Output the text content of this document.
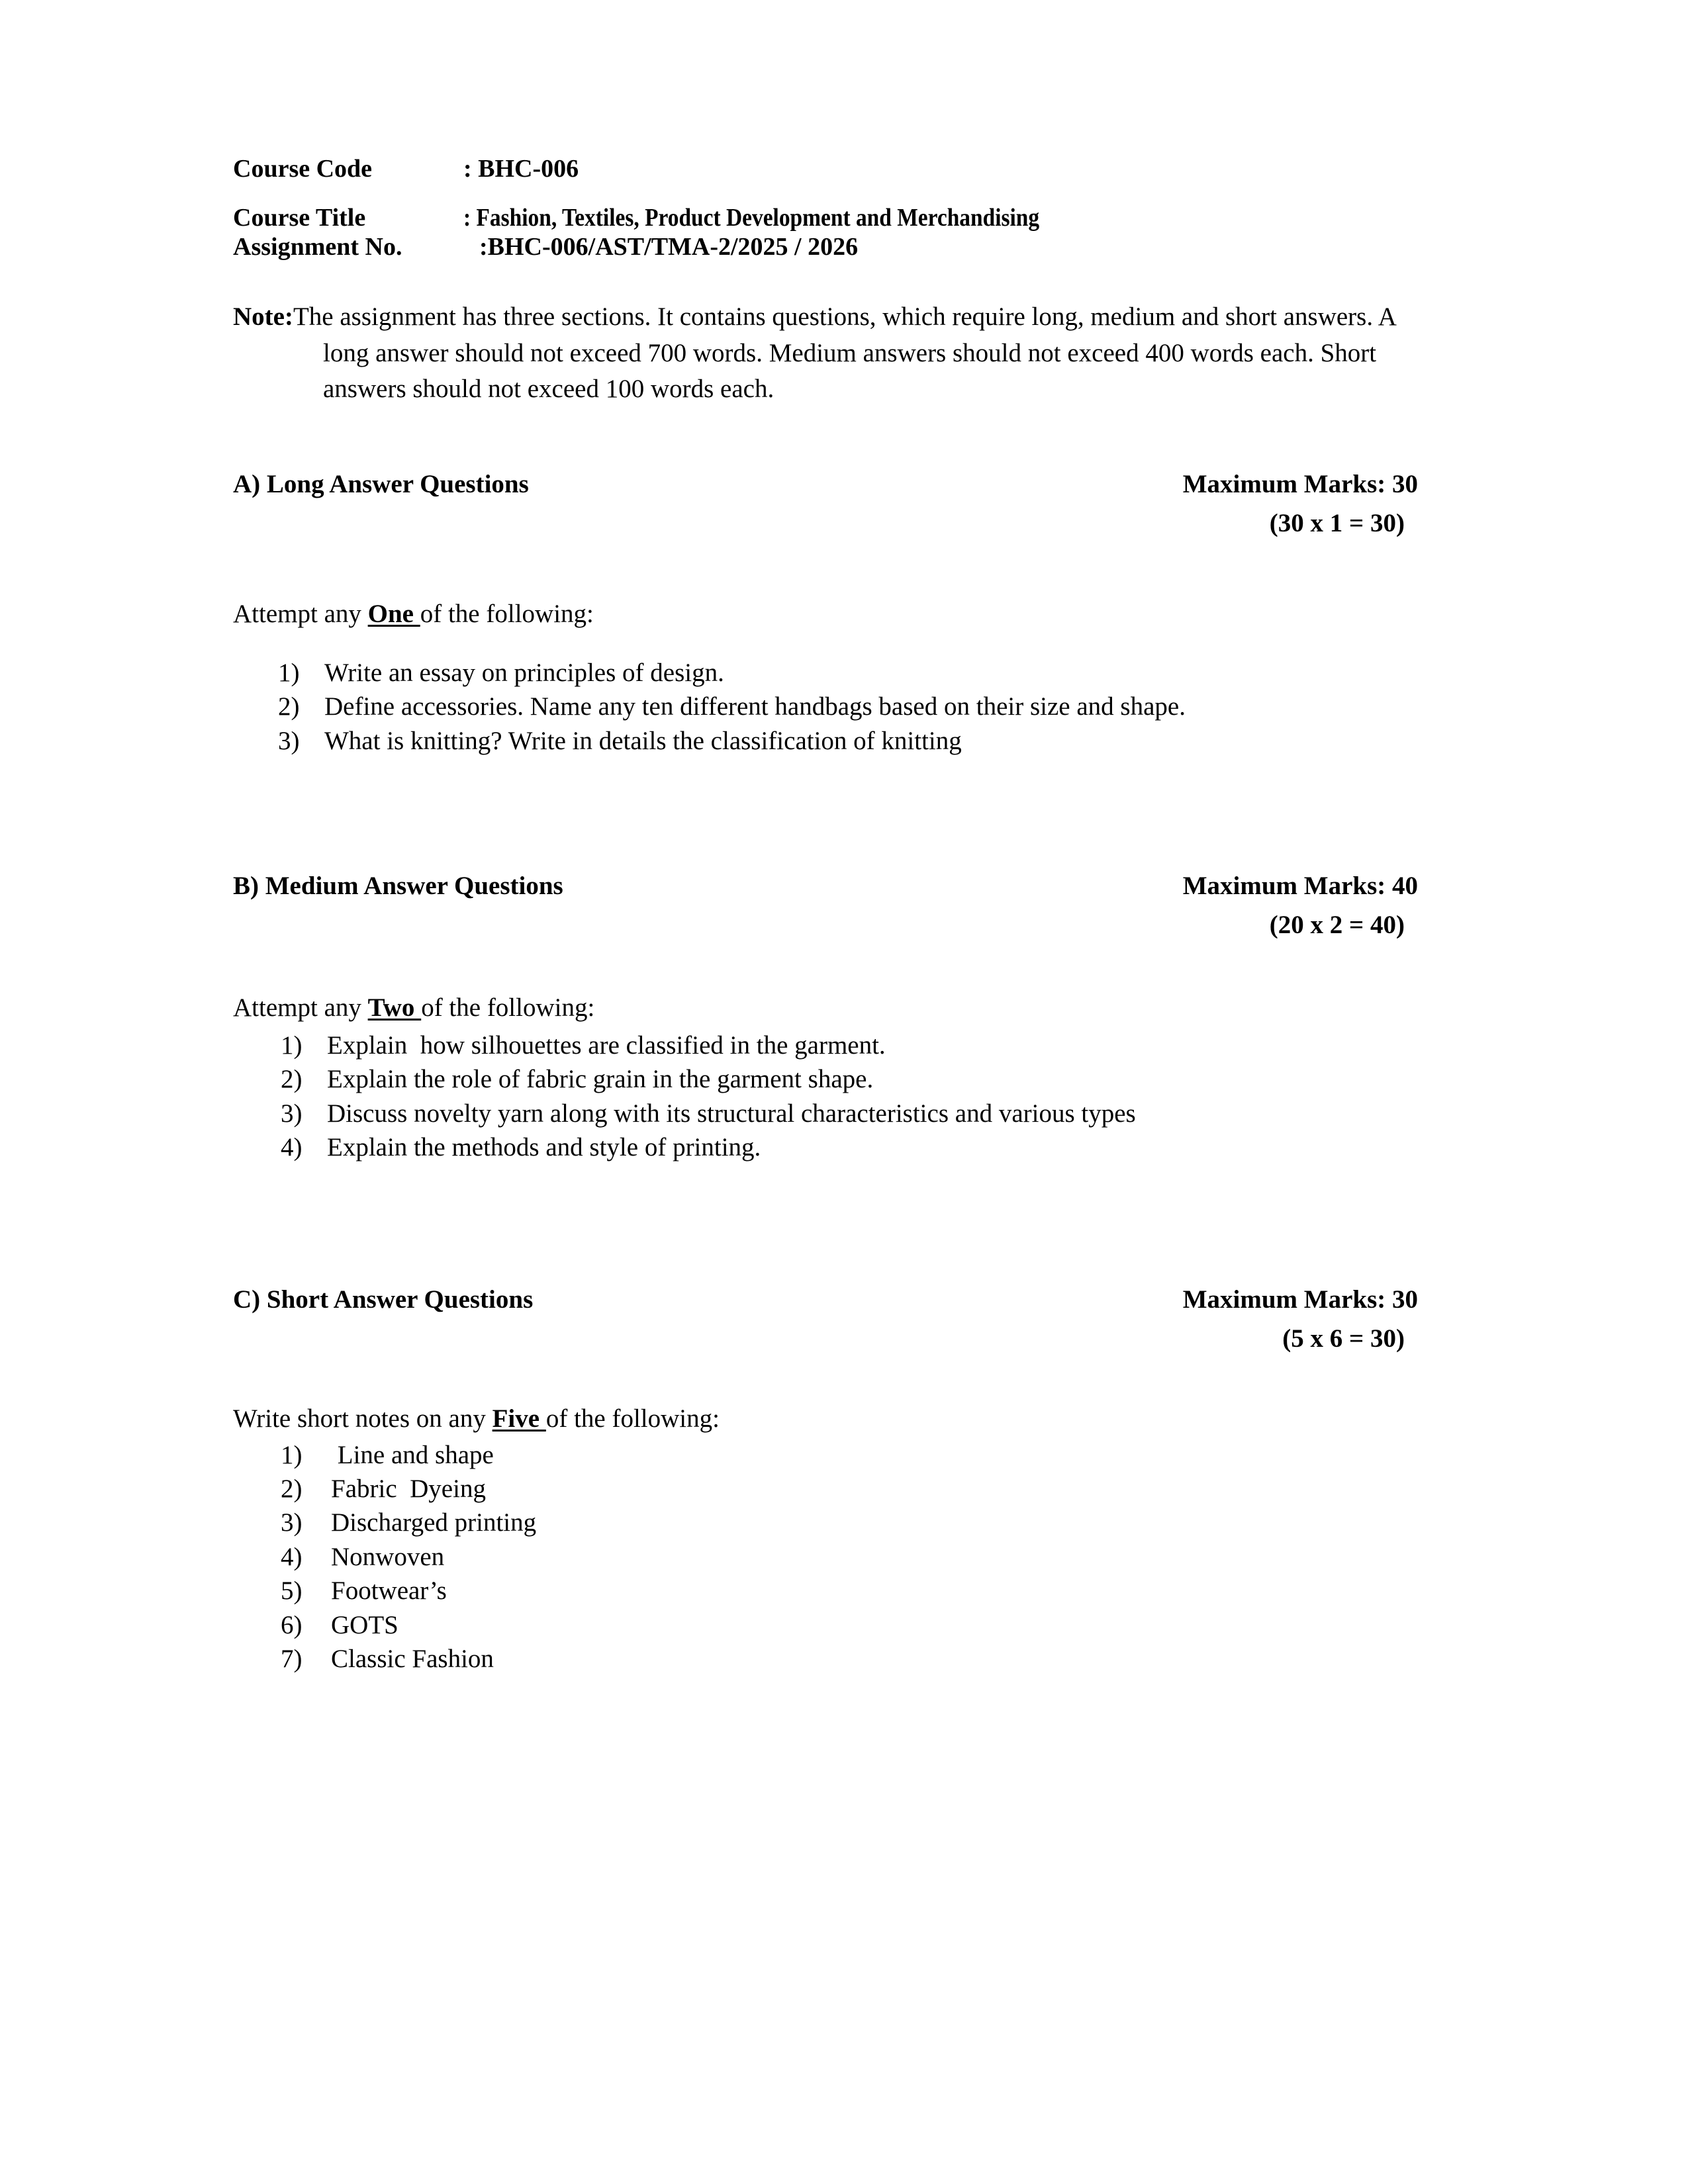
Course Code	: BHC-006
Course Title	: Fashion, Textiles, Product Development and Merchandising
Assignment No.	:BHC-006/AST/TMA-2/2025 / 2026
Note:The assignment has three sections. It contains questions, which require long, medium and short answers. A long answer should not exceed 700 words. Medium answers should not exceed 400 words each. Short answers should not exceed 100 words each.
A) Long Answer Questions	Maximum Marks: 30
(30 x 1 = 30)
Attempt any One of the following:
1) Write an essay on principles of design.
2) Define accessories. Name any ten different handbags based on their size and shape.
3) What is knitting? Write in details the classification of knitting
B) Medium Answer Questions	Maximum Marks: 40
(20 x 2 = 40)
Attempt any Two of the following:
1) Explain  how silhouettes are classified in the garment.
2) Explain the role of fabric grain in the garment shape.
3) Discuss novelty yarn along with its structural characteristics and various types
4) Explain the methods and style of printing.
C) Short Answer Questions	Maximum Marks: 30
(5 x 6 = 30)
Write short notes on any Five of the following:
1)	Line and shape
2)	Fabric  Dyeing
3)	Discharged printing
4)	Nonwoven
5)	Footwear’s
6)	GOTS
7)	Classic Fashion
